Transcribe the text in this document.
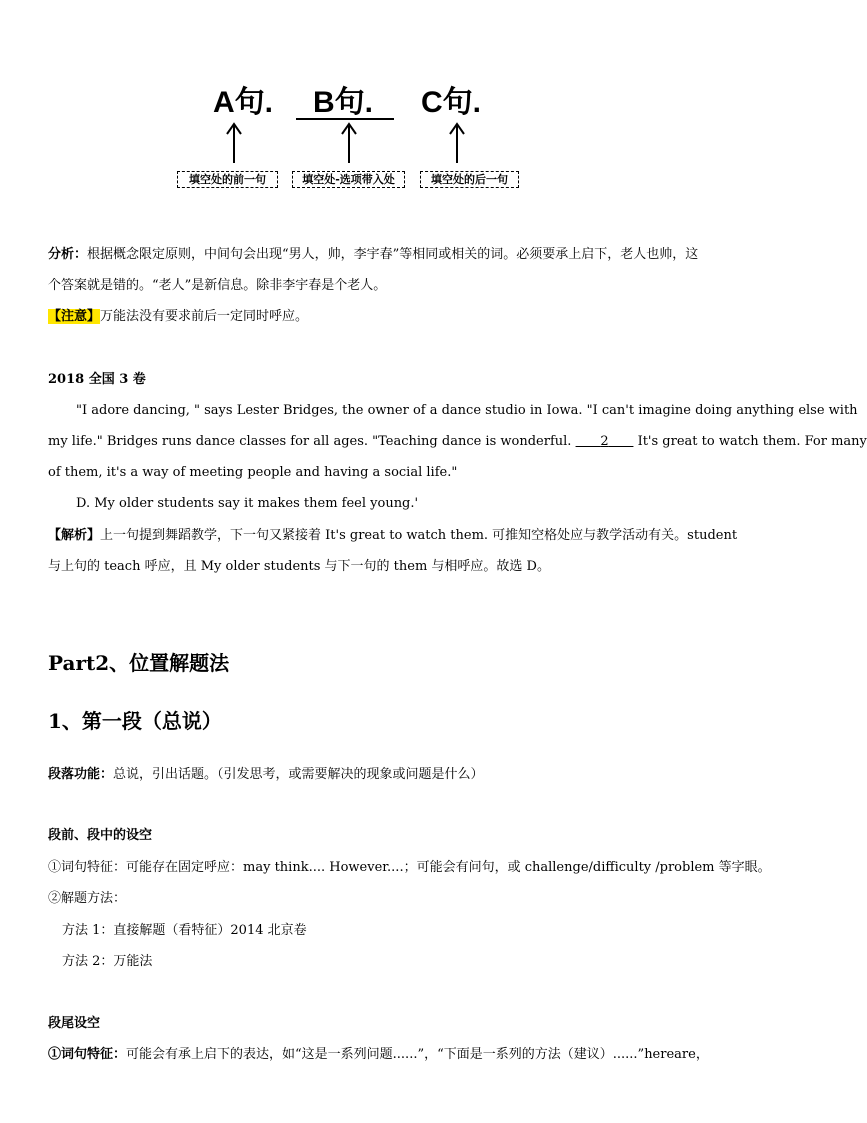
A句. B句. C句.
填空处的前一句	填空处-选项带入处	填空处的后一句
分析：根据概念限定原则，中间句会出现“男人，帅，李宇春”等相同或相关的词。必须要承上启下，老人也帅，这
个答案就是错的。“老人”是新信息。除非李宇春是个老人。
【注意】万能法没有要求前后一定同时呼应。
2018 全国 3 卷
"I adore dancing, " says Lester Bridges, the owner of a dance studio in Iowa. "I can't imagine doing anything else with
my life." Bridges runs dance classes for all ages. "Teaching dance is wonderful.       2       It's great to watch them. For many
of them, it's a way of meeting people and having a social life."
D. My older students say it makes them feel young.'
【解析】上一句提到舞蹈教学，下一句又紧接着 It's great to watch them. 可推知空格处应与教学活动有关。student
与上句的 teach 呼应，且 My older students 与下一句的 them 与相呼应。故选 D。
Part2、位置解题法
1、第一段（总说）
段落功能：总说，引出话题。（引发思考，或需要解决的现象或问题是什么）
段前、段中的设空
①词句特征：可能存在固定呼应：may think.... However....；可能会有问句，或 challenge/difficulty /problem 等字眼。
②解题方法：
方法 1：直接解题（看特征）2014 北京卷
方法 2：万能法
段尾设空
①词句特征：可能会有承上启下的表达，如“这是一系列问题......”，“下面是一系列的方法（建议）......”hereare，
